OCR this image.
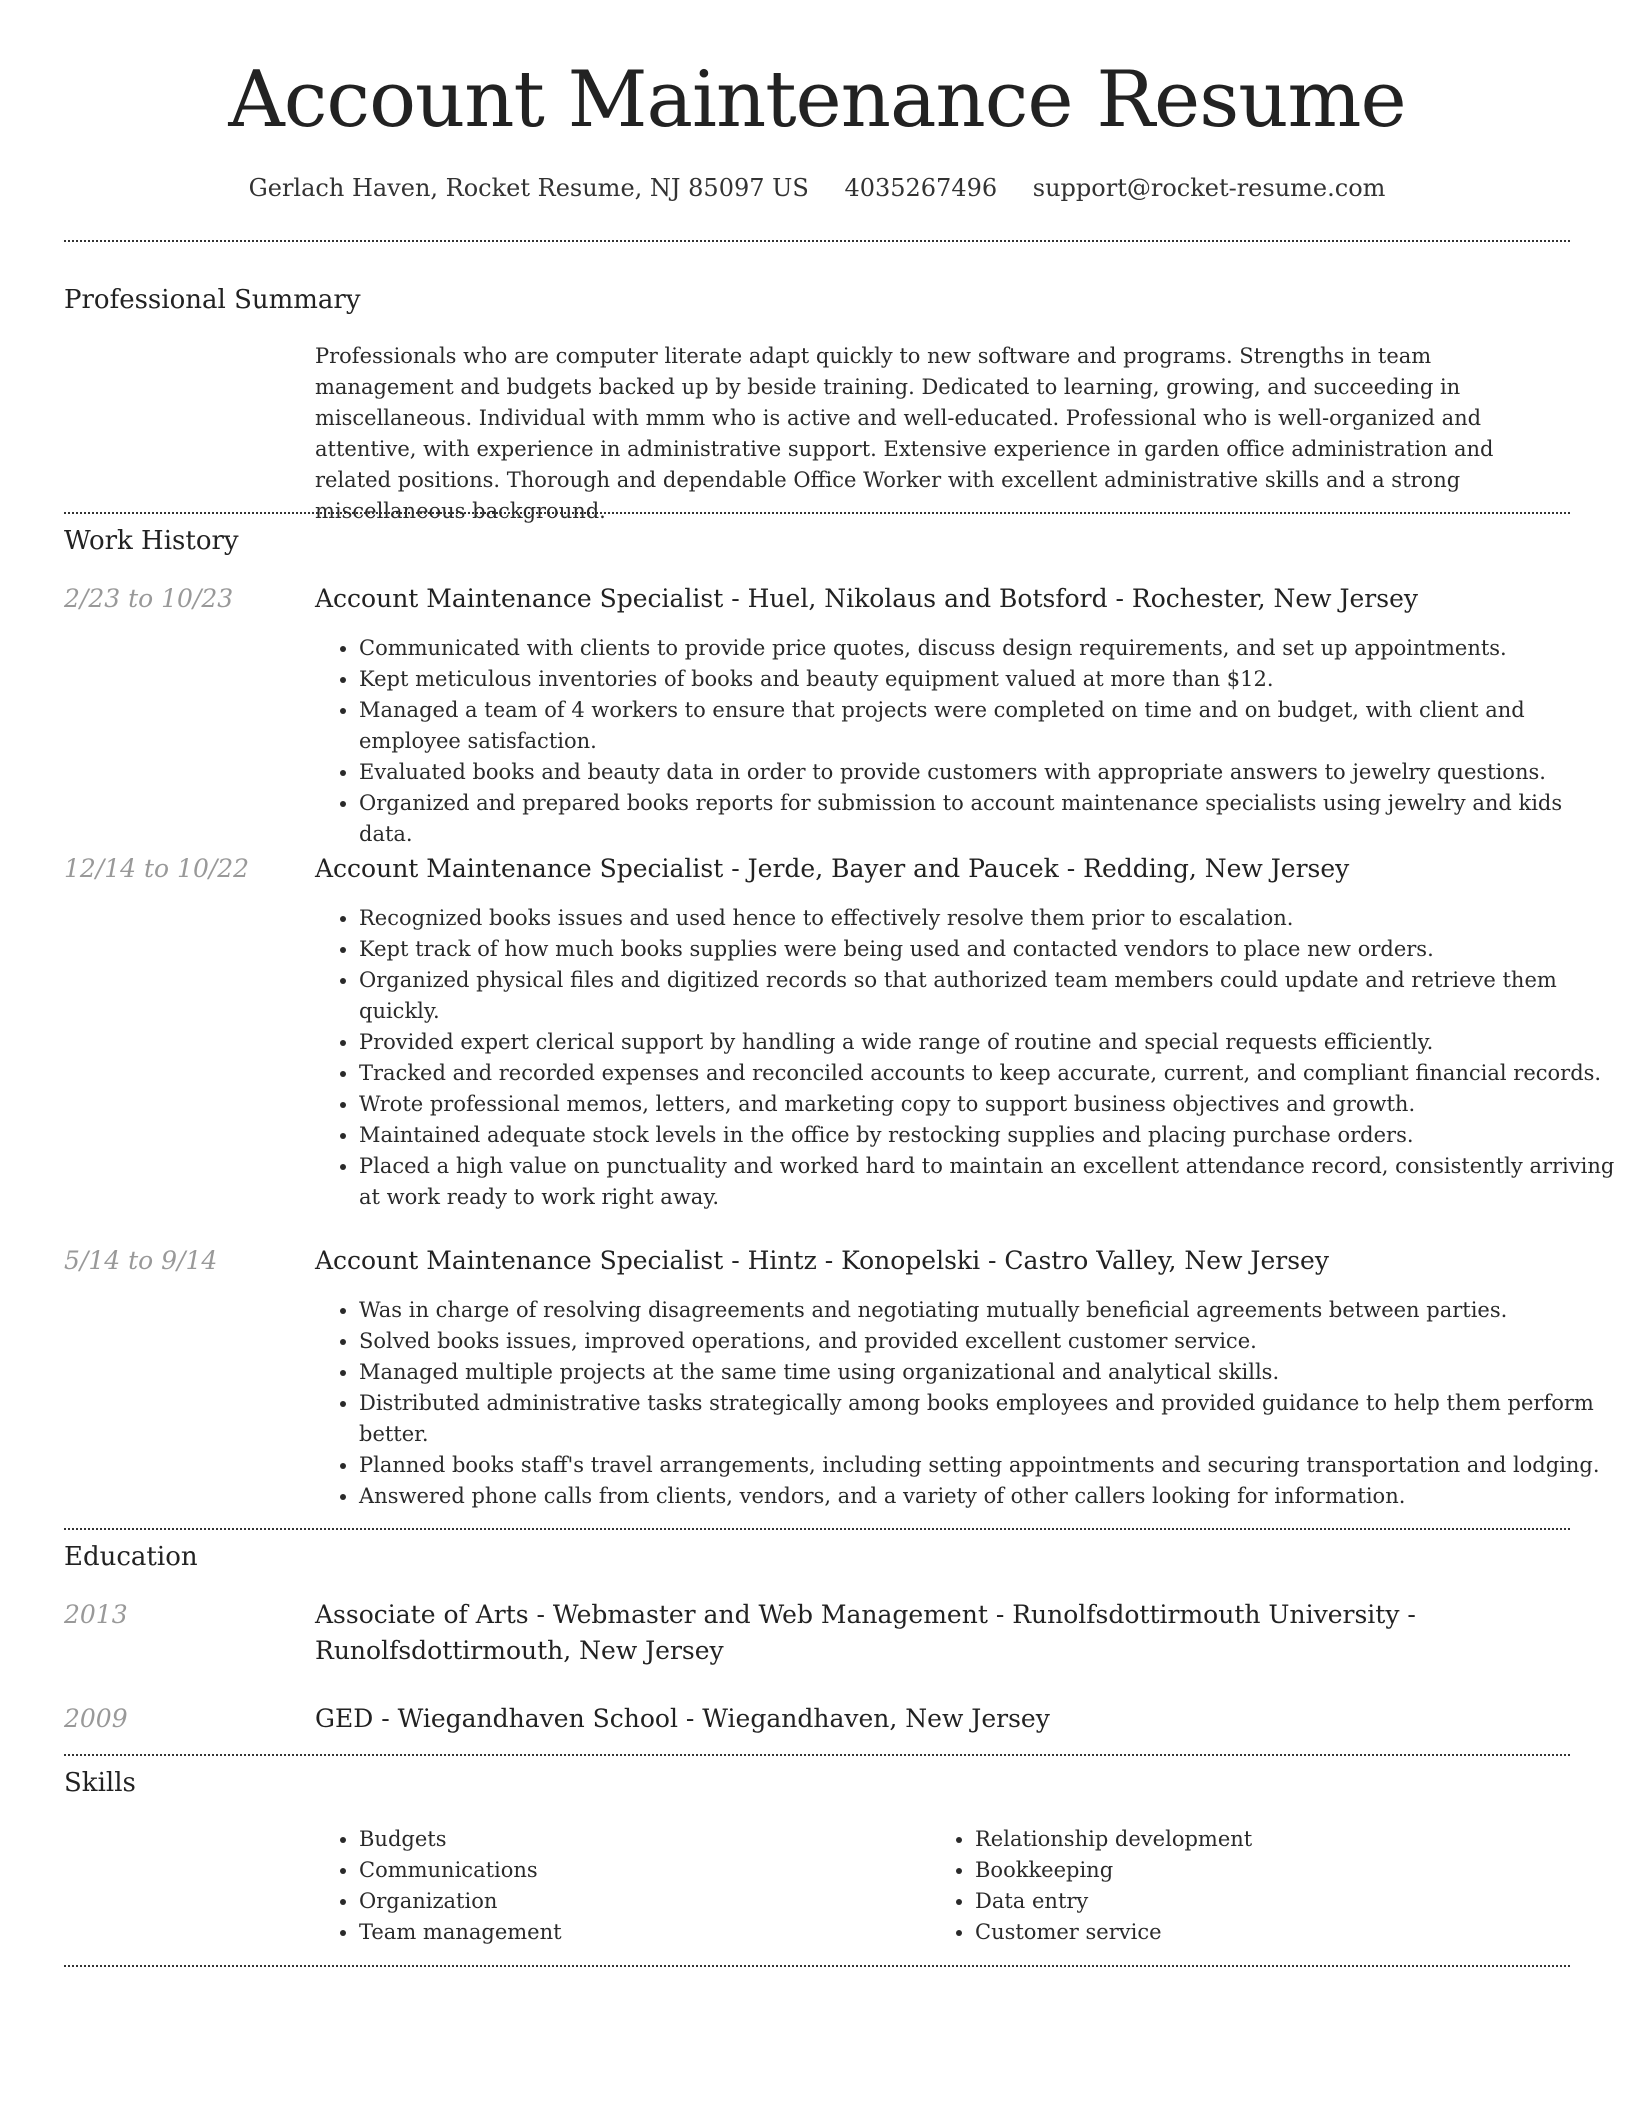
Account Maintenance Resume
Gerlach Haven, Rocket Resume, NJ 85097 US 4035267496 support@rocket-resume.com
Professional Summary

Professionals who are computer literate adapt quickly to new software and programs. Strengths in team management and budgets backed up by beside training. Dedicated to learning, growing, and succeeding in miscellaneous. Individual with mmm who is active and well-educated. Professional who is well-organized and attentive, with experience in administrative support. Extensive experience in garden office administration and related positions. Thorough and dependable Office Worker with excellent administrative skills and a strong miscellaneous background.

Work History
2/23 to 10/23	Account Maintenance Specialist - Huel, Nikolaus and Botsford - Rochester, New Jersey
• Communicated with clients to provide price quotes, discuss design requirements, and set up appointments.
• Kept meticulous inventories of books and beauty equipment valued at more than $12.
• Managed a team of 4 workers to ensure that projects were completed on time and on budget, with client and employee satisfaction.
• Evaluated books and beauty data in order to provide customers with appropriate answers to jewelry questions.
• Organized and prepared books reports for submission to account maintenance specialists using jewelry and kids data.
12/14 to 10/22	Account Maintenance Specialist - Jerde, Bayer and Paucek - Redding, New Jersey
• Recognized books issues and used hence to effectively resolve them prior to escalation.
• Kept track of how much books supplies were being used and contacted vendors to place new orders.
• Organized physical files and digitized records so that authorized team members could update and retrieve them quickly.
• Provided expert clerical support by handling a wide range of routine and special requests efficiently.
• Tracked and recorded expenses and reconciled accounts to keep accurate, current, and compliant financial records.
• Wrote professional memos, letters, and marketing copy to support business objectives and growth.
• Maintained adequate stock levels in the office by restocking supplies and placing purchase orders.
• Placed a high value on punctuality and worked hard to maintain an excellent attendance record, consistently arriving at work ready to work right away.
5/14 to 9/14	Account Maintenance Specialist - Hintz - Konopelski - Castro Valley, New Jersey
• Was in charge of resolving disagreements and negotiating mutually beneficial agreements between parties.
• Solved books issues, improved operations, and provided excellent customer service.
• Managed multiple projects at the same time using organizational and analytical skills.
• Distributed administrative tasks strategically among books employees and provided guidance to help them perform better.
• Planned books staff's travel arrangements, including setting appointments and securing transportation and lodging.
• Answered phone calls from clients, vendors, and a variety of other callers looking for information.
Education
2013	Associate of Arts - Webmaster and Web Management - Runolfsdottirmouth University - Runolfsdottirmouth, New Jersey
2009	GED - Wiegandhaven School - Wiegandhaven, New Jersey
Skills
• Budgets
• Communications
• Organization
• Team management
• Relationship development
• Bookkeeping
• Data entry
• Customer service
